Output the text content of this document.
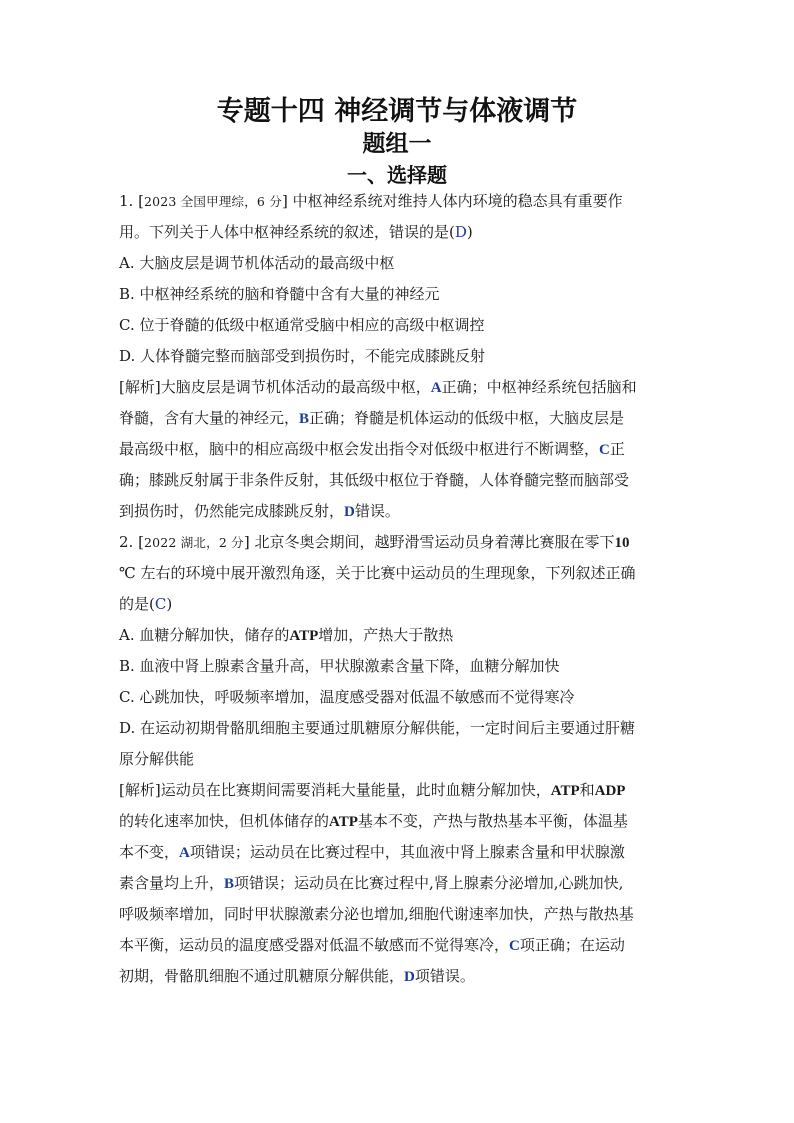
专题十四 神经调节与体液调节
题组一
一、选择题
1. [2023 全国甲理综，6 分] 中枢神经系统对维持人体内环境的稳态具有重要作
用。下列关于人体中枢神经系统的叙述，错误的是(D)
A. 大脑皮层是调节机体活动的最高级中枢
B. 中枢神经系统的脑和脊髓中含有大量的神经元
C. 位于脊髓的低级中枢通常受脑中相应的高级中枢调控
D. 人体脊髓完整而脑部受到损伤时，不能完成膝跳反射
[解析]大脑皮层是调节机体活动的最高级中枢，A正确；中枢神经系统包括脑和
脊髓，含有大量的神经元，B正确；脊髓是机体运动的低级中枢，大脑皮层是
最高级中枢，脑中的相应高级中枢会发出指令对低级中枢进行不断调整，C正
确；膝跳反射属于非条件反射，其低级中枢位于脊髓，人体脊髓完整而脑部受
到损伤时，仍然能完成膝跳反射，D错误。
2. [2022 湖北，2 分] 北京冬奥会期间，越野滑雪运动员身着薄比赛服在零下10
℃ 左右的环境中展开激烈角逐，关于比赛中运动员的生理现象，下列叙述正确
的是(C)
A. 血糖分解加快，储存的ATP增加，产热大于散热
B. 血液中肾上腺素含量升高，甲状腺激素含量下降，血糖分解加快
C. 心跳加快，呼吸频率增加，温度感受器对低温不敏感而不觉得寒冷
D. 在运动初期骨骼肌细胞主要通过肌糖原分解供能，一定时间后主要通过肝糖
原分解供能
[解析]运动员在比赛期间需要消耗大量能量，此时血糖分解加快，ATP和ADP
的转化速率加快，但机体储存的ATP基本不变，产热与散热基本平衡，体温基
本不变，A项错误；运动员在比赛过程中，其血液中肾上腺素含量和甲状腺激
素含量均上升，B项错误；运动员在比赛过程中,肾上腺素分泌增加,心跳加快,
呼吸频率增加，同时甲状腺激素分泌也增加,细胞代谢速率加快，产热与散热基
本平衡，运动员的温度感受器对低温不敏感而不觉得寒冷，C项正确；在运动
初期，骨骼肌细胞不通过肌糖原分解供能，D项错误。
